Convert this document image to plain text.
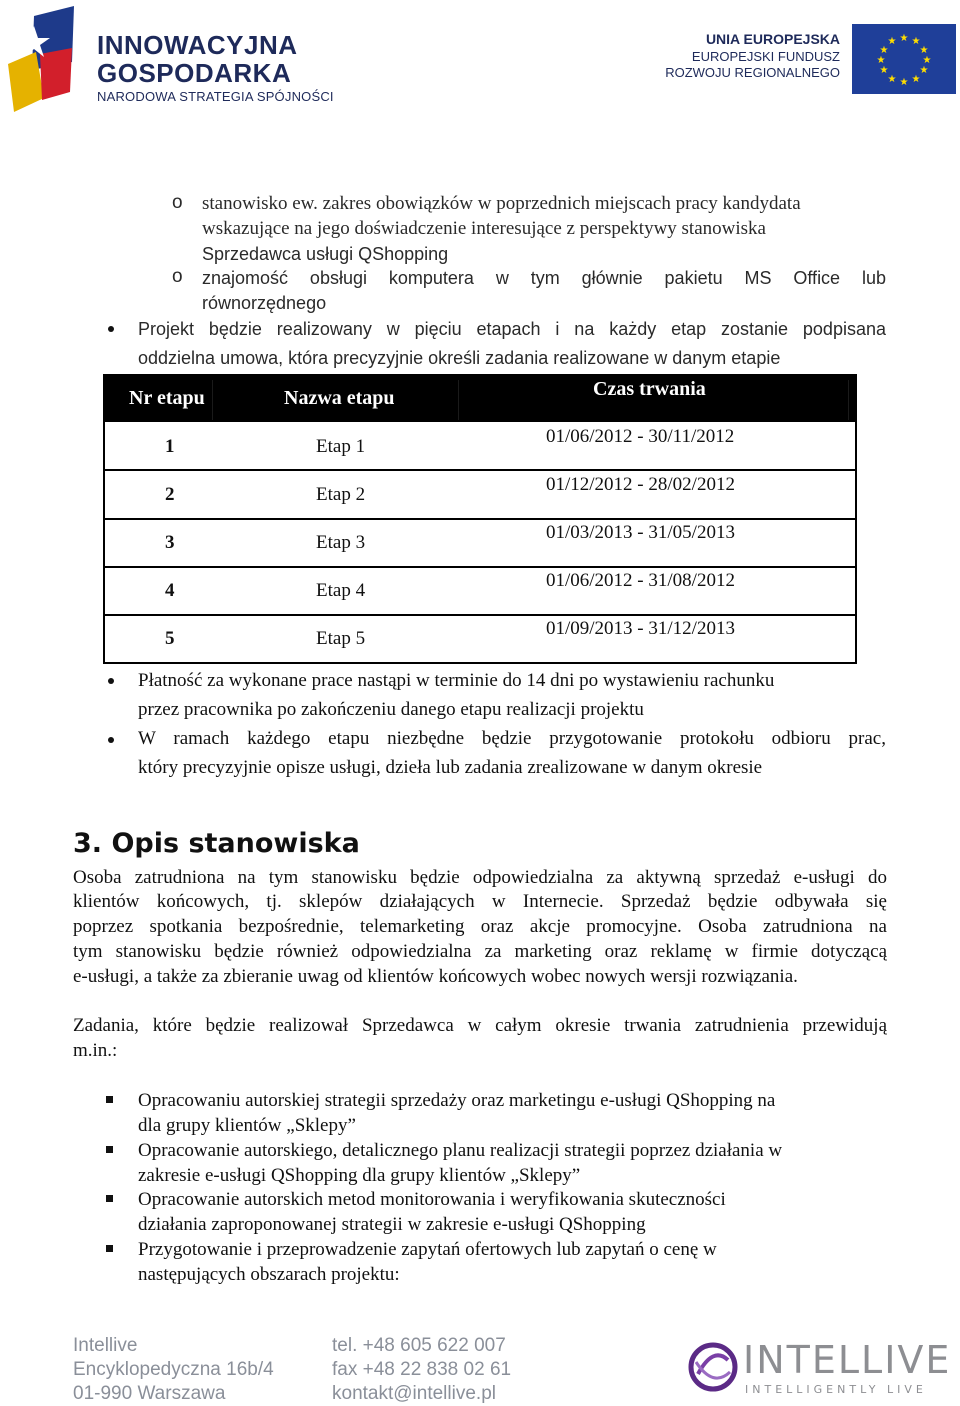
INNOWACYJNA
GOSPODARKA
NARODOWA STRATEGIA SPÓJNOŚCI
UNIA EUROPEJSKA
EUROPEJSKI FUNDUSZ
ROZWOJU REGIONALNEGO
★ ★
★
★
★
★
★
★
★
★
★
★
o stanowisko ew. zakres obowiązków w poprzednich miejscach pracy kandydata
wskazujące na jego doświadczenie interesujące z perspektywy stanowiska
Sprzedawca usługi QShopping
o znajomość obsługi komputera w tym głównie pakietu MS Office lub
równorzędnego
Projekt będzie realizowany w pięciu etapach i na każdy etap zostanie podpisana
oddzielna umowa, która precyzyjnie określi zadania realizowane w danym etapie
Nr etapu	Nazwa etapu	Czas trwania
1	Etap 1	01/06/2012 - 30/11/2012
2	Etap 2	01/12/2012 - 28/02/2012
3	Etap 3	01/03/2013 - 31/05/2013
4	Etap 4	01/06/2012 - 31/08/2012
5	Etap 5	01/09/2013 - 31/12/2013
Płatność za wykonane prace nastąpi w terminie do 14 dni po wystawieniu rachunku
przez pracownika po zakończeniu danego etapu realizacji projektu
W ramach każdego etapu niezbędne będzie przygotowanie protokołu odbioru prac,
który precyzyjnie opisze usługi, dzieła lub zadania zrealizowane w danym okresie
3. Opis stanowiska
Osoba zatrudniona na tym stanowisku będzie odpowiedzialna za aktywną sprzedaż e-usługi do
klientów końcowych, tj. sklepów działających w Internecie. Sprzedaż będzie odbywała się
poprzez spotkania bezpośrednie, telemarketing oraz akcje promocyjne. Osoba zatrudniona na
tym stanowisku będzie również odpowiedzialna za marketing oraz reklamę w firmie dotyczącą
e-usługi, a także za zbieranie uwag od klientów końcowych wobec nowych wersji rozwiązania.
Zadania, które będzie realizował Sprzedawca w całym okresie trwania zatrudnienia przewidują
m.in.:
Opracowaniu autorskiej strategii sprzedaży oraz marketingu e-usługi QShopping na
dla grupy klientów „Sklepy”
Opracowanie autorskiego, detalicznego planu realizacji strategii poprzez działania w
zakresie e-usługi QShopping dla grupy klientów „Sklepy”
Opracowanie autorskich metod monitorowania i weryfikowania skuteczności
działania zaproponowanej strategii w zakresie e-usługi QShopping
Przygotowanie i przeprowadzenie zapytań ofertowych lub zapytań o cenę w
następujących obszarach projektu:
Intellive
Encyklopedyczna 16b/4
01-990 Warszawa
tel. +48 605 622 007
fax +48 22 838 02 61
kontakt@intellive.pl
INTELLIVE
INTELLIGENTLY LIVE
